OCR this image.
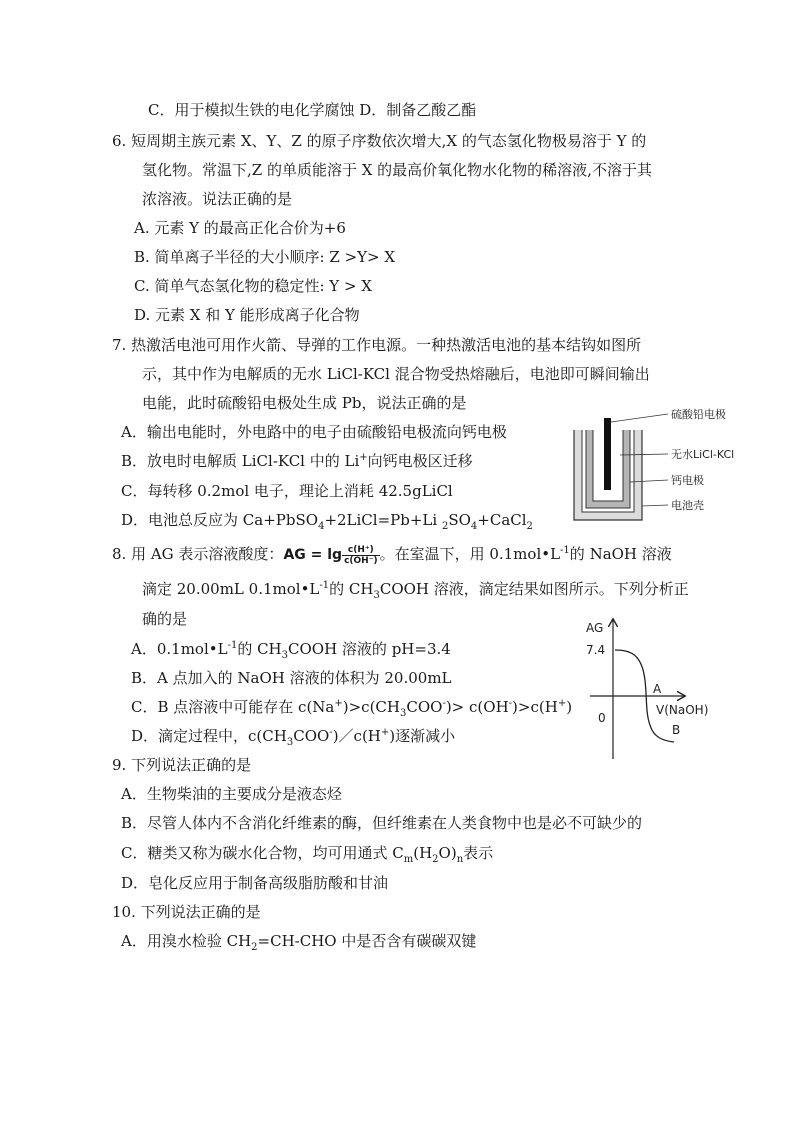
C．用于模拟生铁的电化学腐蚀 D．制备乙酸乙酯
6. 短周期主族元素 X、Y、Z 的原子序数依次增大,X 的气态氢化物极易溶于 Y 的
氢化物。常温下,Z 的单质能溶于 X 的最高价氧化物水化物的稀溶液,不溶于其
浓溶液。说法正确的是
A. 元素 Y 的最高正化合价为+6
B. 简单离子半径的大小顺序: Z >Y> X
C. 简单气态氢化物的稳定性: Y > X
D. 元素 X 和 Y 能形成离子化合物
7. 热激活电池可用作火箭、导弹的工作电源。一种热激活电池的基本结钩如图所
示，其中作为电解质的无水 LiCl-KCl 混合物受热熔融后，电池即可瞬间输出
电能，此时硫酸铅电极处生成 Pb，说法正确的是
A．输出电能时，外电路中的电子由硫酸铅电极流向钙电极
B．放电时电解质 LiCl-KCl 中的 Li+向钙电极区迁移
C．每转移 0.2mol 电子，理论上消耗 42.5gLiCl
D．电池总反应为 Ca+PbSO$_4$+2LiCl=Pb+Li $_2SO_4+CaCl_2$
硫酸铅电极
无水LiCl-KCl
钙电极
电池壳
8. 用 AG 表示溶液酸度：AG = $\lg \frac{c(H^+)}{c(OH^-)}$ 。在室温下，用 $0.1mol•L^{-1}$的 NaOH 溶液
滴定 20.00mL $0.1mol•L^{-1}$的 $CH_3COOH$ 溶液，滴定结果如图所示。下列分析正
确的是
A．$0.1mol•L^{-1}$的 $CH_3COOH$ 溶液的 pH=3.4
B．A 点加入的 NaOH 溶液的体积为 20.00mL
C．B 点溶液中可能存在 $c(Na^+)>c(CH_3COO^-)> c(OH^-)>c(H^+)$
D．滴定过程中，$c(CH_3COO^-)/c(H^+)$逐渐减小
AG
7.4
0
A
V(NaOH)
B
9. 下列说法正确的是
A．生物柴油的主要成分是液态烃
B．尽管人体内不含消化纤维素的酶，但纤维素在人类食物中也是必不可缺少的
C．糖类又称为碳水化合物，均可用通式 $C_m(H_2O)_n$表示
D．皂化反应用于制备高级脂肪酸和甘油
10. 下列说法正确的是
A．用溴水检验 $CH_2=CH$-CHO 中是否含有碳碳双键
